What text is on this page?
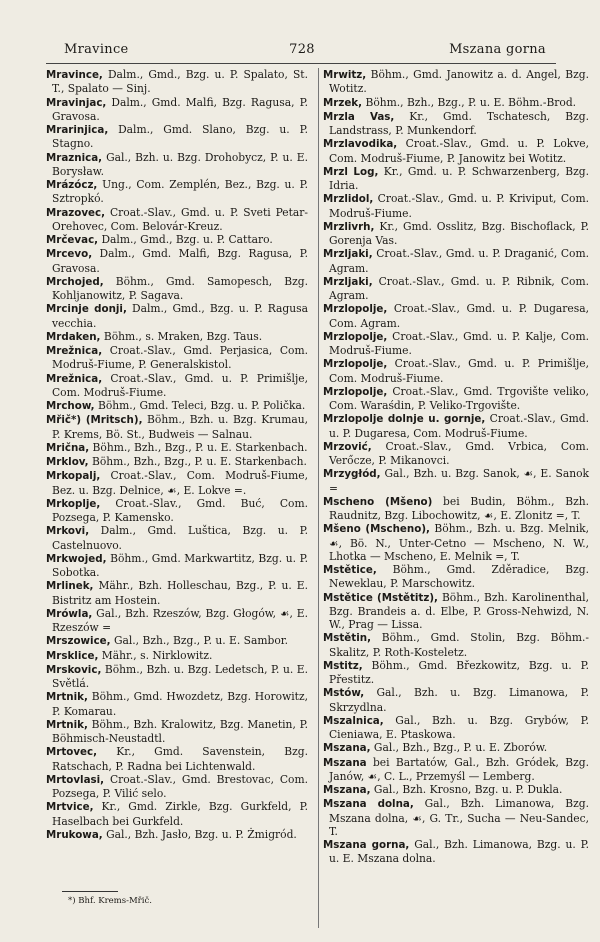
Mravince	728	Mszana gorna

Mravince, Dalm., Gmd., Bzg. u. P. Spalato, St. T., Spalato — Sinj.

Mravinjac, Dalm., Gmd. Malfi, Bzg. Ragusa, P. Gravosa.

Mrarinjica, Dalm., Gmd. Slano, Bzg. u. P. Stagno.

Mraznica, Gal., Bzh. u. Bzg. Drohobycz, P. u. E. Borysław.

Mrázócz, Ung., Com. Zemplén, Bez., Bzg. u. P. Sztropkó.

Mrazovec, Croat.-Slav., Gmd. u. P. Sveti Petar-Orehovec, Com. Belovár-Kreuz.

Mrčevac, Dalm., Gmd., Bzg. u. P. Cattaro.

Mrcevo, Dalm., Gmd. Malfi, Bzg. Ragusa, P. Gravosa.

Mrchojed, Böhm., Gmd. Samopesch, Bzg. Kohljanowitz, P. Sagava.

Mrcinje donji, Dalm., Gmd., Bzg. u. P. Ragusa vecchia.

Mrdaken, Böhm., s. Mraken, Bzg. Taus.

Mrežnica, Croat.-Slav., Gmd. Perjasica, Com. Modruš-Fiume, P. Generalskistol.

Mrežnica, Croat.-Slav., Gmd. u. P. Primišlje, Com. Modruš-Fiume.

Mrchow, Böhm., Gmd. Teleci, Bzg. u. P. Polička.

Mřič*) (Mritsch), Böhm., Bzh. u. Bzg. Krumau, P. Krems, Bö. St., Budweis — Salnau.

Mrična, Böhm., Bzh., Bzg., P. u. E. Starkenbach.

Mrklov, Böhm., Bzh., Bzg., P. u. E. Starkenbach.

Mrkopalj, Croat.-Slav., Com. Modruš-Fiume, Bez. u. Bzg. Delnice, ☙, E. Lokve =.

Mrkoplje, Croat.-Slav., Gmd. Buć, Com. Pozsega, P. Kamensko.

Mrkovi, Dalm., Gmd. Luštica, Bzg. u. P. Castelnuovo.

Mrkwojed, Böhm., Gmd. Markwartitz, Bzg. u. P. Sobotka.

Mrlinek, Mähr., Bzh. Holleschau, Bzg., P. u. E. Bistritz am Hostein.

Mrówla, Gal., Bzh. Rzeszów, Bzg. Głogów, ☙, E. Rzeszów =

Mrszowice, Gal., Bzh., Bzg., P. u. E. Sambor.

Mrsklice, Mähr., s. Nirklowitz.

Mrskovic, Böhm., Bzh. u. Bzg. Ledetsch, P. u. E. Světlá.

Mrtnik, Böhm., Gmd. Hwozdetz, Bzg. Horowitz, P. Komarau.

Mrtnik, Böhm., Bzh. Kralowitz, Bzg. Manetin, P. Böhmisch-Neustadtl.

Mrtovec, Kr., Gmd. Savenstein, Bzg. Ratschach, P. Radna bei Lichtenwald.

Mrtovlasi, Croat.-Slav., Gmd. Brestovac, Com. Pozsega, P. Vilić selo.

Mrtvice, Kr., Gmd. Zirkle, Bzg. Gurkfeld, P. Haselbach bei Gurkfeld.

Mrukowa, Gal., Bzh. Jasło, Bzg. u. P. Żmigród.

Mrwitz, Böhm., Gmd. Janowitz a. d. Angel, Bzg. Wotitz.

Mrzek, Böhm., Bzh., Bzg., P. u. E. Böhm.-Brod.

Mrzla Vas, Kr., Gmd. Tschatesch, Bzg. Landstrass, P. Munkendorf.

Mrzlavodika, Croat.-Slav., Gmd. u. P. Lokve, Com. Modruš-Fiume, P. Janowitz bei Wotitz.

Mrzl Log, Kr., Gmd. u. P. Schwarzenberg, Bzg. Idria.

Mrzlidol, Croat.-Slav., Gmd. u. P. Kriviput, Com. Modruš-Fiume.

Mrzlivrh, Kr., Gmd. Osslitz, Bzg. Bischoflack, P. Gorenja Vas.

Mrzljaki, Croat.-Slav., Gmd. u. P. Draganić, Com. Agram.

Mrzljaki, Croat.-Slav., Gmd. u. P. Ribnik, Com. Agram.

Mrzlopolje, Croat.-Slav., Gmd. u. P. Dugaresa, Com. Agram.

Mrzlopolje, Croat.-Slav., Gmd. u. P. Kalje, Com. Modruš-Fiume.

Mrzlopolje, Croat.-Slav., Gmd. u. P. Primišlje, Com. Modruš-Fiume.

Mrzlopolje, Croat.-Slav., Gmd. Trgovište veliko, Com. Waraśdin, P. Veliko-Trgovište.

Mrzlopolje dolnje u. gornje, Croat.-Slav., Gmd. u. P. Dugaresa, Com. Modruš-Fiume.

Mrzović, Croat.-Slav., Gmd. Vrbica, Com. Verőcze, P. Mikanovci.

Mrzygłód, Gal., Bzh. u. Bzg. Sanok, ☙, E. Sanok =

Mscheno (Mšeno) bei Budin, Böhm., Bzh. Raudnitz, Bzg. Libochowitz, ☙, E. Zlonitz =, T.

Mšeno (Mscheno), Böhm., Bzh. u. Bzg. Melnik, ☙, Bö. N., Unter-Cetno — Mscheno, N. W., Lhotka — Mscheno, E. Melnik =, T.

Mstětice, Böhm., Gmd. Zděradice, Bzg. Neweklau, P. Marschowitz.

Mstětice (Mstětitz), Böhm., Bzh. Karolinenthal, Bzg. Brandeis a. d. Elbe, P. Gross-Nehwizd, N. W., Prag — Lissa.

Mstětin, Böhm., Gmd. Stolin, Bzg. Böhm.-Skalitz, P. Roth-Kosteletz.

Mstitz, Böhm., Gmd. Březkowitz, Bzg. u. P. Přestitz.

Mstów, Gal., Bzh. u. Bzg. Limanowa, P. Skrzydlna.

Mszalnica, Gal., Bzh. u. Bzg. Grybów, P. Cieniawa, E. Ptaskowa.

Mszana, Gal., Bzh., Bzg., P. u. E. Zborów.

Mszana bei Bartatów, Gal., Bzh. Gródek, Bzg. Janów, ☙, C. L., Przemyśl — Lemberg.

Mszana, Gal., Bzh. Krosno, Bzg. u. P. Dukla.

Mszana dolna, Gal., Bzh. Limanowa, Bzg. Mszana dolna, ☙, G. Tr., Sucha — Neu-Sandec, T.

Mszana gorna, Gal., Bzh. Limanowa, Bzg. u. P. u. E. Mszana dolna.

*) Bhf. Krems-Mřič.
